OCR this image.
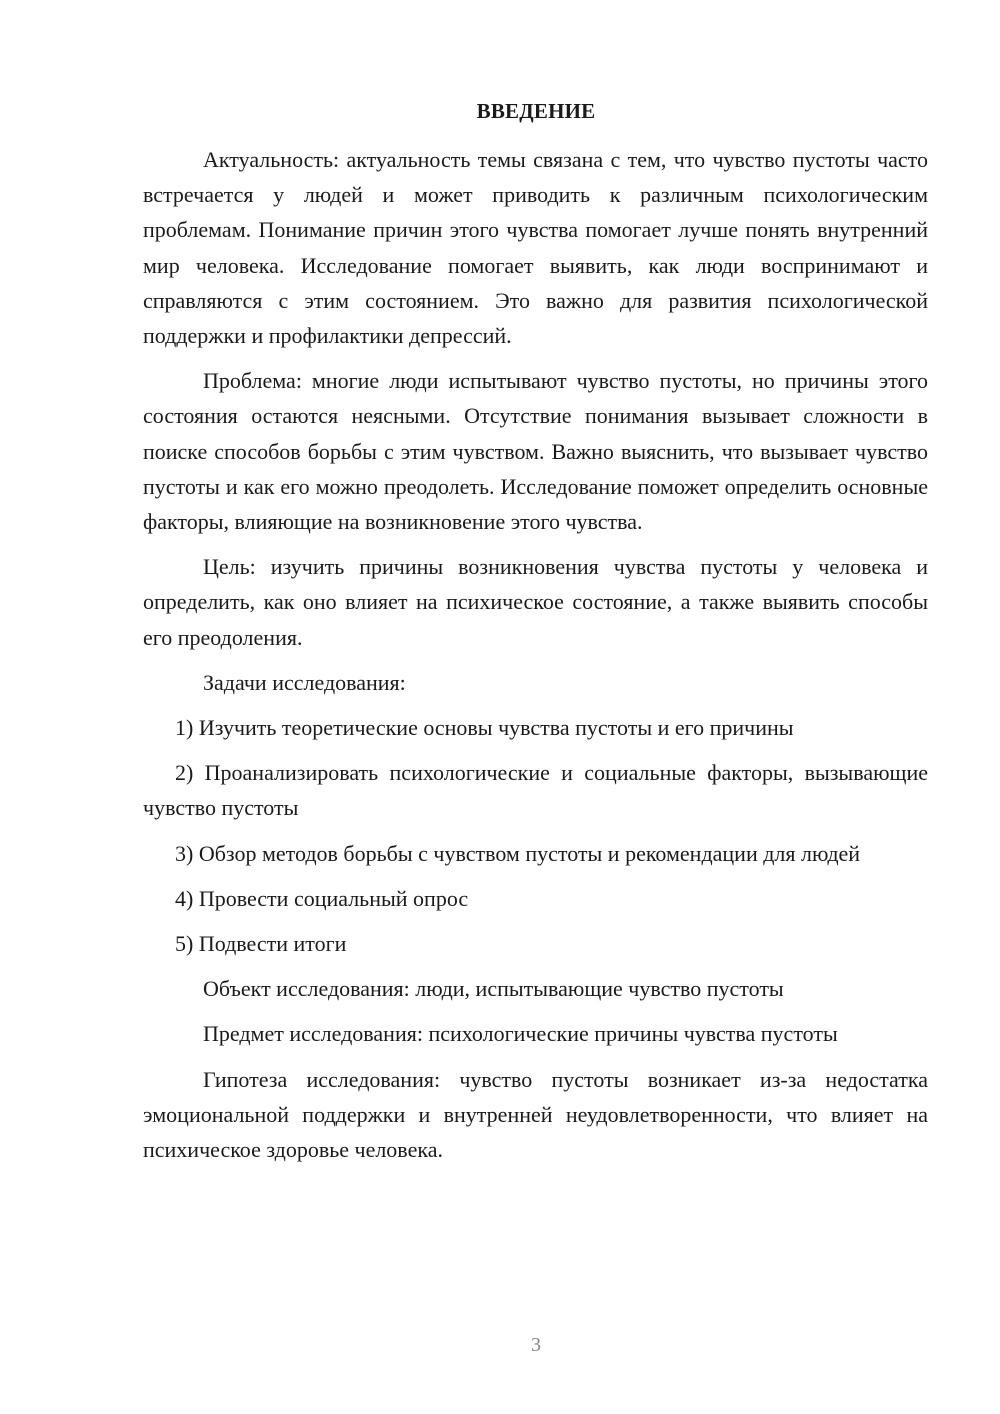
ВВЕДЕНИЕ

Актуальность: актуальность темы связана с тем, что чувство пустоты часто встречается у людей и может приводить к различным психологическим проблемам. Понимание причин этого чувства помогает лучше понять внутренний мир человека. Исследование помогает выявить, как люди воспринимают и справляются с этим состоянием. Это важно для развития психологической поддержки и профилактики депрессий.

Проблема: многие люди испытывают чувство пустоты, но причины этого состояния остаются неясными. Отсутствие понимания вызывает сложности в поиске способов борьбы с этим чувством. Важно выяснить, что вызывает чувство пустоты и как его можно преодолеть. Исследование поможет определить основные факторы, влияющие на возникновение этого чувства.

Цель: изучить причины возникновения чувства пустоты у человека и определить, как оно влияет на психическое состояние, а также выявить способы его преодоления.

Задачи исследования:

1) Изучить теоретические основы чувства пустоты и его причины

2) Проанализировать психологические и социальные факторы, вызывающие чувство пустоты

3) Обзор методов борьбы с чувством пустоты и рекомендации для людей

4) Провести социальный опрос

5) Подвести итоги

Объект исследования: люди, испытывающие чувство пустоты

Предмет исследования: психологические причины чувства пустоты

Гипотеза исследования: чувство пустоты возникает из-за недостатка эмоциональной поддержки и внутренней неудовлетворенности, что влияет на психическое здоровье человека.

3
